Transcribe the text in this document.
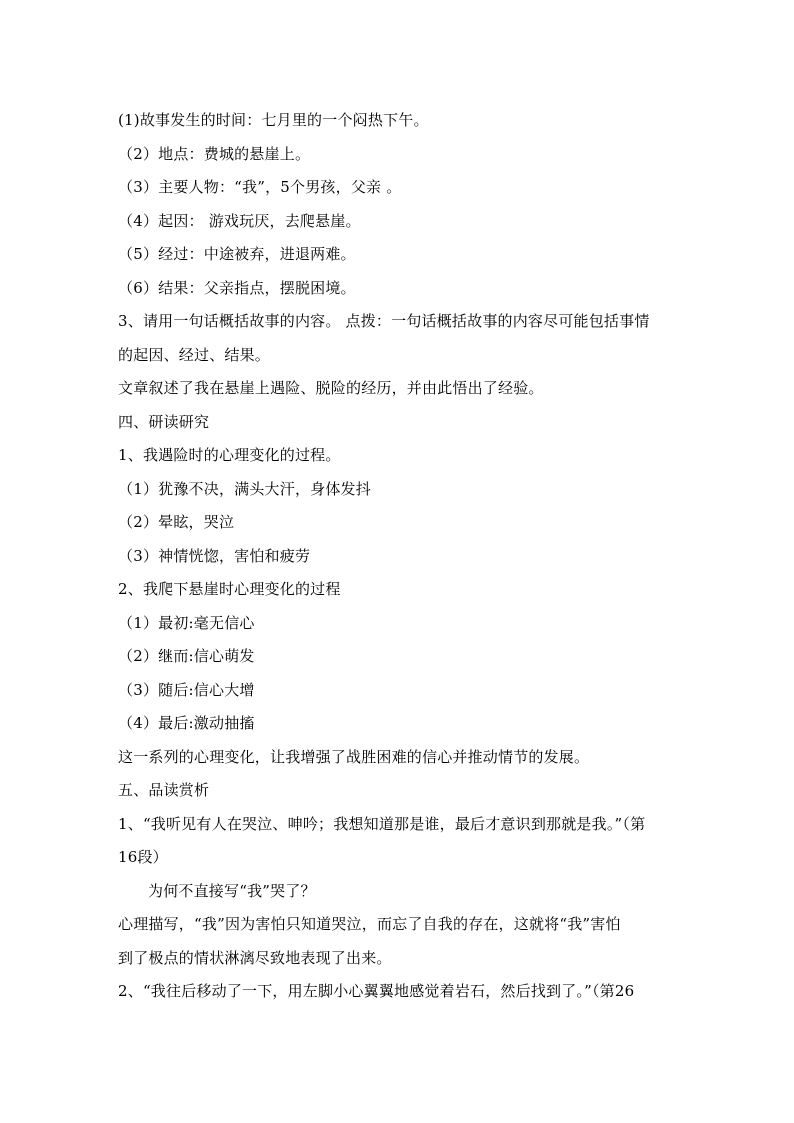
(1)故事发生的时间：七月里的一个闷热下午。
（2）地点：费城的悬崖上。
（3）主要人物：“我”，5个男孩，父亲 。
（4）起因： 游戏玩厌，去爬悬崖。
（5）经过：中途被弃，进退两难。
（6）结果：父亲指点，摆脱困境。
3、请用一句话概括故事的内容。 点拨：一句话概括故事的内容尽可能包括事情
的起因、经过、结果。
文章叙述了我在悬崖上遇险、脱险的经历，并由此悟出了经验。
四、研读研究
1、我遇险时的心理变化的过程。
（1）犹豫不决，满头大汗，身体发抖
（2）晕眩，哭泣
（3）神情恍惚，害怕和疲劳
2、我爬下悬崖时心理变化的过程
（1）最初:毫无信心
（2）继而:信心萌发
（3）随后:信心大增
（4）最后:激动抽搐
这一系列的心理变化，让我增强了战胜困难的信心并推动情节的发展。
五、品读赏析
1、“我听见有人在哭泣、呻吟；我想知道那是谁，最后才意识到那就是我。”（第
16段）
为何不直接写“我”哭了？
心理描写，“我”因为害怕只知道哭泣，而忘了自我的存在，这就将“我”害怕
到了极点的情状淋漓尽致地表现了出来。
2、“我往后移动了一下，用左脚小心翼翼地感觉着岩石，然后找到了。”（第26
